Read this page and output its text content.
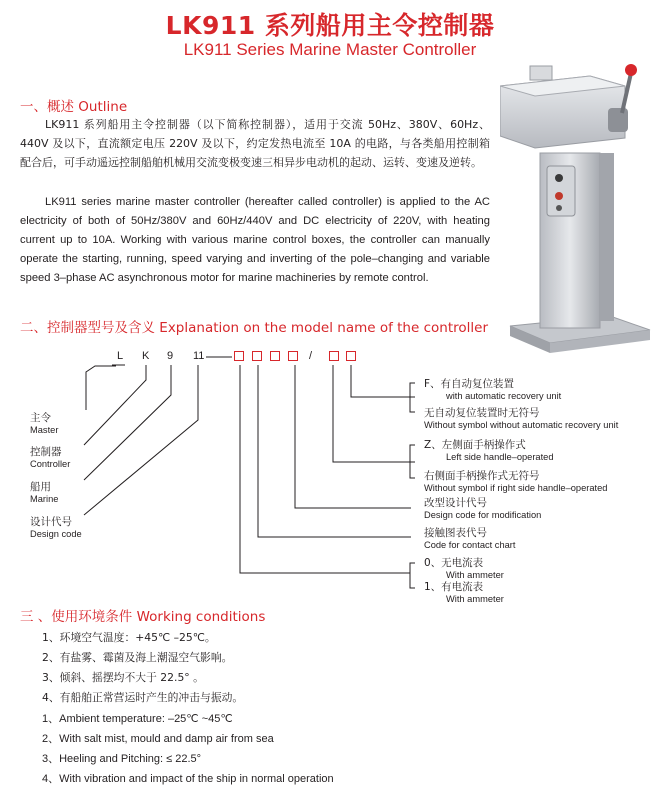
LK911 系列船用主令控制器
LK911 Series Marine Master Controller
一、概述 Outline
LK911 系列船用主令控制器（以下简称控制器），适用于交流 50Hz、380V、60Hz、440V 及以下，直流额定电压 220V 及以下，约定发热电流至 10A 的电路，与各类船用控制箱配合后，可手动遥远控制船舶机械用交流变极变速三相异步电动机的起动、运转、变速及逆转。
LK911 series marine master controller (hereafter called controller) is applied to the AC electricity of both of 50Hz/380V and 60Hz/440V and DC electricity of 220V, with heating current up to 10A. Working with various marine control boxes, the controller can manually operate the starting, running, speed varying and inverting of the pole–changing and variable speed 3–phase AC asynchronous motor for marine machineries by remote control.
二、控制器型号及含义 Explanation on the model name of the controller
L K 9 11	/
主令
Master
控制器
Controller
船用
Marine
设计代号
Design code
F、有自动复位装置
with automatic recovery unit
无自动复位装置时无符号
Without symbol without automatic recovery unit
Z、左侧面手柄操作式
Left side handle–operated
右侧面手柄操作式无符号
Without symbol if right side handle–operated
改型设计代号
Design code for modification
接触图表代号
Code for contact chart
0、无电流表
With ammeter
1、有电流表
With ammeter
三 、使用环境条件 Working conditions
1、环境空气温度：+45℃ –25℃。
2、有盐雾、霉菌及海上潮湿空气影响。
3、倾斜、摇摆均不大于 22.5° 。
4、有船舶正常营运时产生的冲击与振动。
1、Ambient temperature: –25℃ ~45℃
2、With salt mist, mould and damp air from sea
3、Heeling and Pitching: ≤ 22.5°
4、With vibration and impact of the ship in normal operation
